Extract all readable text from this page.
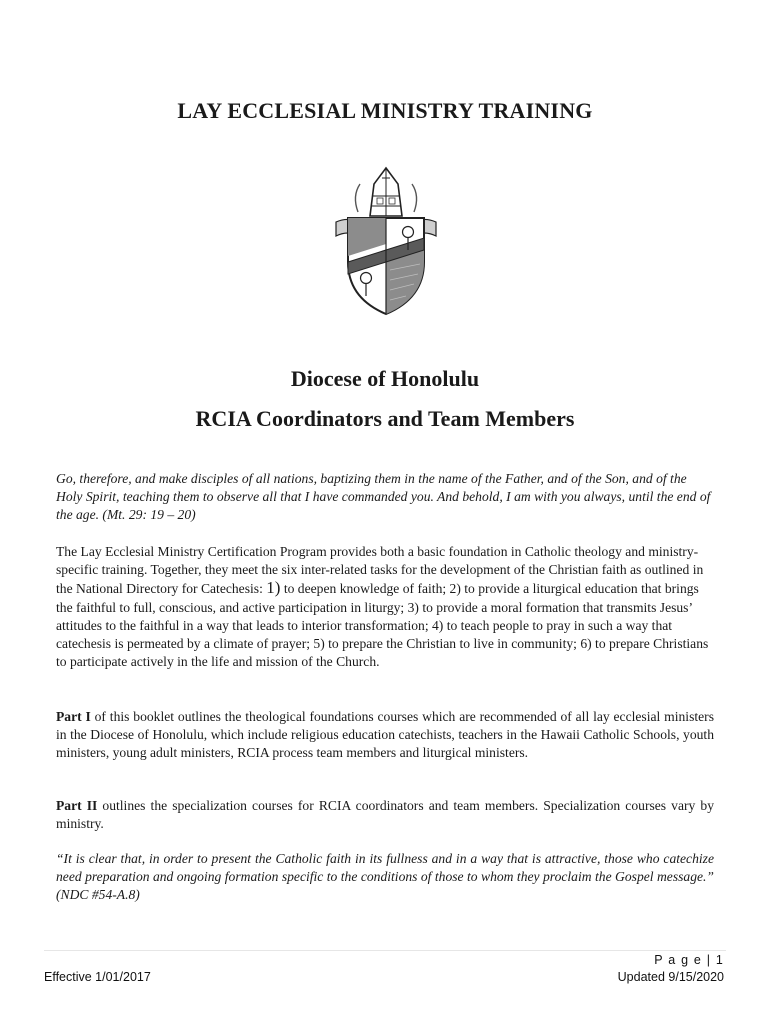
LAY ECCLESIAL MINISTRY TRAINING
Diocese of Honolulu
RCIA Coordinators and Team Members

Go, therefore, and make disciples of all nations, baptizing them in the name of the Father, and of the Son, and of the Holy Spirit, teaching them to observe all that I have commanded you. And behold, I am with you always, until the end of the age. (Mt. 29: 19 – 20)

The Lay Ecclesial Ministry Certification Program provides both a basic foundation in Catholic theology and ministry-specific training. Together, they meet the six inter-related tasks for the development of the Christian faith as outlined in the National Directory for Catechesis: 1) to deepen knowledge of faith; 2) to provide a liturgical education that brings the faithful to full, conscious, and active participation in liturgy; 3) to provide a moral formation that transmits Jesus’ attitudes to the faithful in a way that leads to interior transformation; 4) to teach people to pray in such a way that catechesis is permeated by a climate of prayer; 5) to prepare the Christian to live in community; 6) to prepare Christians to participate actively in the life and mission of the Church.

Part I of this booklet outlines the theological foundations courses which are recommended of all lay ecclesial ministers in the Diocese of Honolulu, which include religious education catechists, teachers in the Hawaii Catholic Schools, youth ministers, young adult ministers, RCIA process team members and liturgical ministers.

Part II outlines the specialization courses for RCIA coordinators and team members. Specialization courses vary by ministry.

“It is clear that, in order to present the Catholic faith in its fullness and in a way that is attractive, those who catechize need preparation and ongoing formation specific to the conditions of those to whom they proclaim the Gospel message.” (NDC #54-A.8)

P a g e | 1
Updated 9/15/2020
Effective 1/01/2017
